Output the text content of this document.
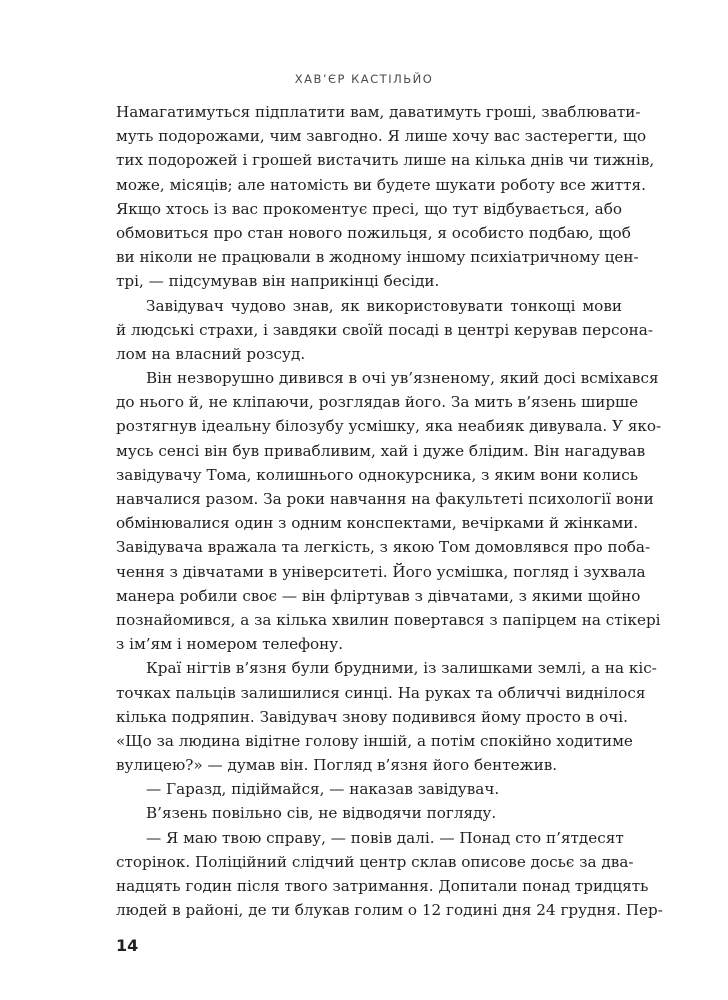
ХАВ’ЄР КАСТІЛЬЙО
Намагатимуться підплатити вам, даватимуть гроші, зваблювати-
муть подорожами, чим завгодно. Я лише хочу вас застерегти, що
тих подорожей і грошей вистачить лише на кілька днів чи тижнів,
може, місяців; але натомість ви будете шукати роботу все життя.
Якщо хтось із вас прокоментує пресі, що тут відбувається, або
обмовиться про стан нового пожильця, я особисто подбаю, щоб
ви ніколи не працювали в жодному іншому психіатричному цен-
трі, — підсумував він наприкінці бесіди.
Завідувач чудово знав, як використовувати тонкощі мови
й людські страхи, і завдяки своїй посаді в центрі керував персона-
лом на власний розсуд.
Він незворушно дивився в очі ув’язненому, який досі всміхався
до нього й, не кліпаючи, розглядав його. За мить в’язень ширше
розтягнув ідеальну білозубу усмішку, яка неабияк дивувала. У яко-
мусь сенсі він був привабливим, хай і дуже блідим. Він нагадував
завідувачу Тома, колишнього однокурсника, з яким вони колись
навчалися разом. За роки навчання на факультеті психології вони
обмінювалися один з одним конспектами, вечірками й жінками.
Завідувача вражала та легкість, з якою Том домовлявся про поба-
чення з дівчатами в університеті. Його усмішка, погляд і зухвала
манера робили своє — він фліртував з дівчатами, з якими щойно
познайомився, а за кілька хвилин повертався з папірцем на стікері
з ім’ям і номером телефону.
Краї нігтів в’язня були брудними, із залишками землі, а на кіс-
точках пальців залишилися синці. На руках та обличчі виднілося
кілька подряпин. Завідувач знову подивився йому просто в очі.
«Що за людина відітне голову іншій, а потім спокійно ходитиме
вулицею?» — думав він. Погляд в’язня його бентежив.
— Гаразд, підіймайся, — наказав завідувач.
В’язень повільно сів, не відводячи погляду.
— Я маю твою справу, — повів далі. — Понад сто п’ятдесят
сторінок. Поліційний слідчий центр склав описове досьє за два-
надцять годин після твого затримання. Допитали понад тридцять
людей в районі, де ти блукав голим о 12 годині дня 24 грудня. Пер-
14
